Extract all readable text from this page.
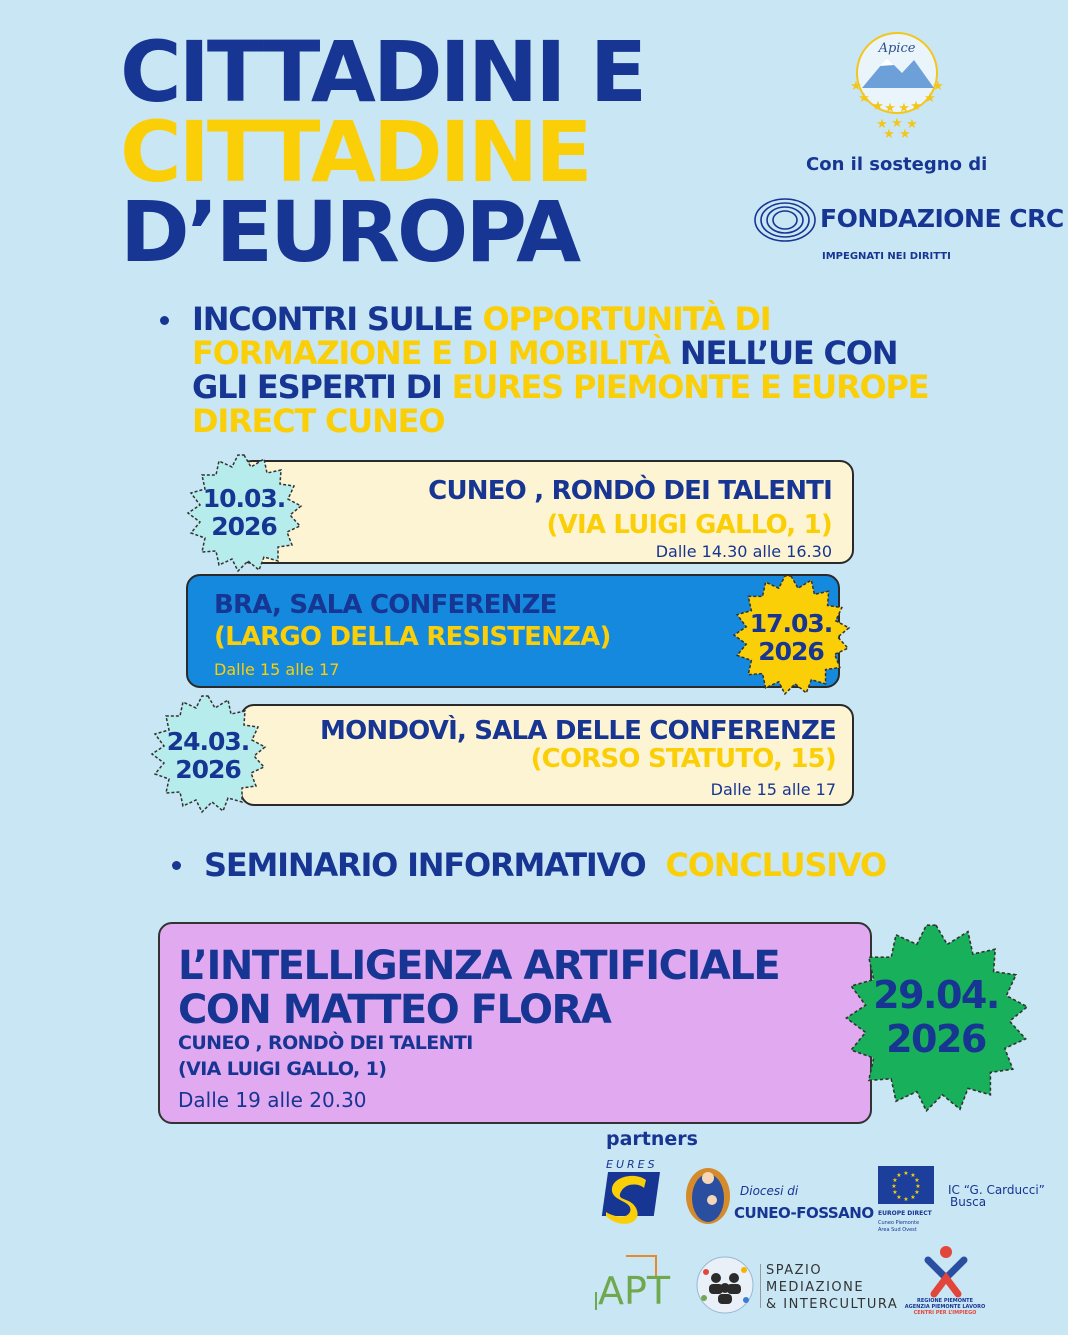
CITTADINI E
CITTADINE
D’EUROPA
Apice
★	★
★	★
★ ★ ★ ★
★ ★ ★
★ ★
Con il sostegno di
FONDAZIONE CRC
IMPEGNATI NEI DIRITTI
INCONTRI SULLE OPPORTUNITÀ DI FORMAZIONE E DI MOBILITÀ NELL’UE CON GLI ESPERTI DI EURES PIEMONTE E EUROPE DIRECT CUNEO
CUNEO , RONDÒ DEI TALENTI
(VIA LUIGI GALLO, 1)
Dalle 14.30 alle 16.30
10.03.
2026
BRA, SALA CONFERENZE
(LARGO DELLA RESISTENZA)
Dalle 15 alle 17
17.03.
2026
MONDOVÌ, SALA DELLE CONFERENZE
(CORSO STATUTO, 15)
Dalle 15 alle 17
24.03.
2026
SEMINARIO INFORMATIVO CONCLUSIVO
L’INTELLIGENZA ARTIFICIALE
CON MATTEO FLORA
CUNEO , RONDÒ DEI TALENTI
(VIA LUIGI GALLO, 1)
Dalle 19 alle 20.30
29.04.
2026
partners
EURES
Diocesi di
CUNEO-FOSSANO
★ ★
★
★
★
★
★
★
★
★
★
★
EUROPE DIRECT
Cuneo Piemonte
Area Sud Ovest
IC “G. Carducci”
Busca
APT	SPAZIO
MEDIAZIONE
& INTERCULTURA	REGIONE PIEMONTE
AGENZIA PIEMONTE LAVORO
CENTRI PER L’IMPIEGO
